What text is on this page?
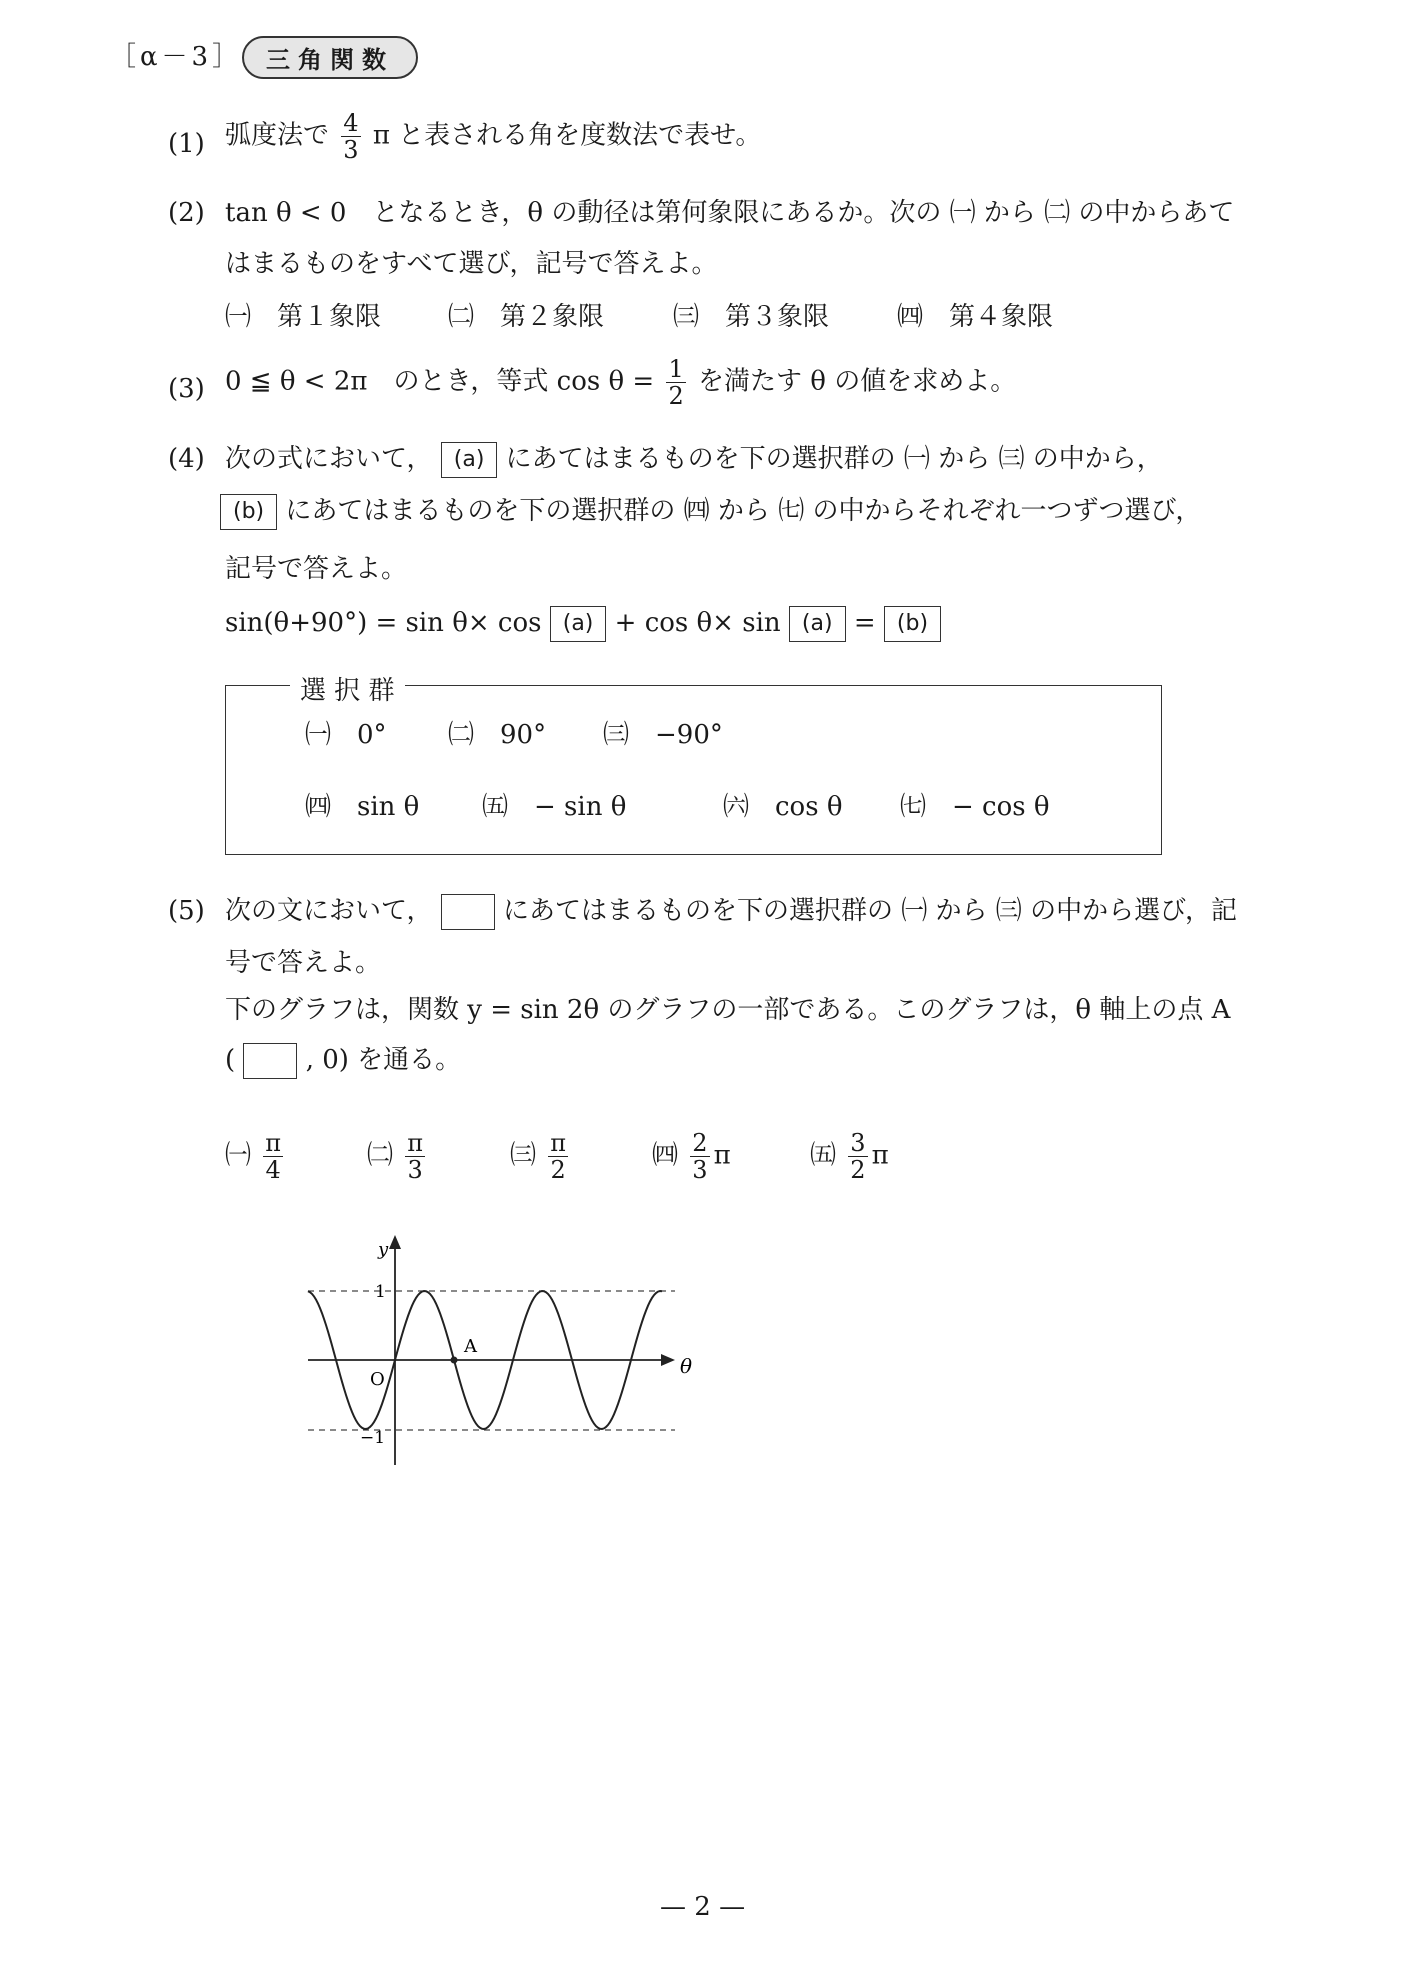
［α－3］ 三角関数
(1) 弧度法で $\frac{4}{3}$ π と表される角を度数法で表せ。
(2) tan θ < 0　となるとき，θ の動径は第何象限にあるか。次の ㈠ から ㈡ の中からあて
はまるものをすべて選び，記号で答えよ。
㈠　第１象限	㈡　第２象限	㈢　第３象限	㈣　第４象限
(3) 0 ≦ θ < 2π　のとき，等式 $\cos \theta = \frac{1}{2}$ を満たす θ の値を求めよ。
(4) 次の式において， (a) にあてはまるものを下の選択群の ㈠ から ㈢ の中から，
(b) にあてはまるものを下の選択群の ㈣ から ㈦ の中からそれぞれ一つずつ選び，
記号で答えよ。
sin(θ+90°) = sin θ× cos (a) + cos θ× sin (a) = (b)
選 択 群
㈠　0° ㈡　90° ㈢　−90°
㈣　sin θ ㈤　− sin θ	㈥　cos θ ㈦　− cos θ
(5) 次の文において，	にあてはまるものを下の選択群の ㈠ から ㈢ の中から選び，記
号で答えよ。
下のグラフは，関数 y = sin 2θ のグラフの一部である。このグラフは，θ 軸上の点 A
(	, 0) を通る。
㈠ $\frac{\pi}{4}$	㈡ $\frac{\pi}{3}$	㈢ $\frac{\pi}{2}$	㈣ $\frac{2}{3}$ π	㈤ $\frac{3}{2}$ π
y
θ
O
A
1
−1
— 2 —
